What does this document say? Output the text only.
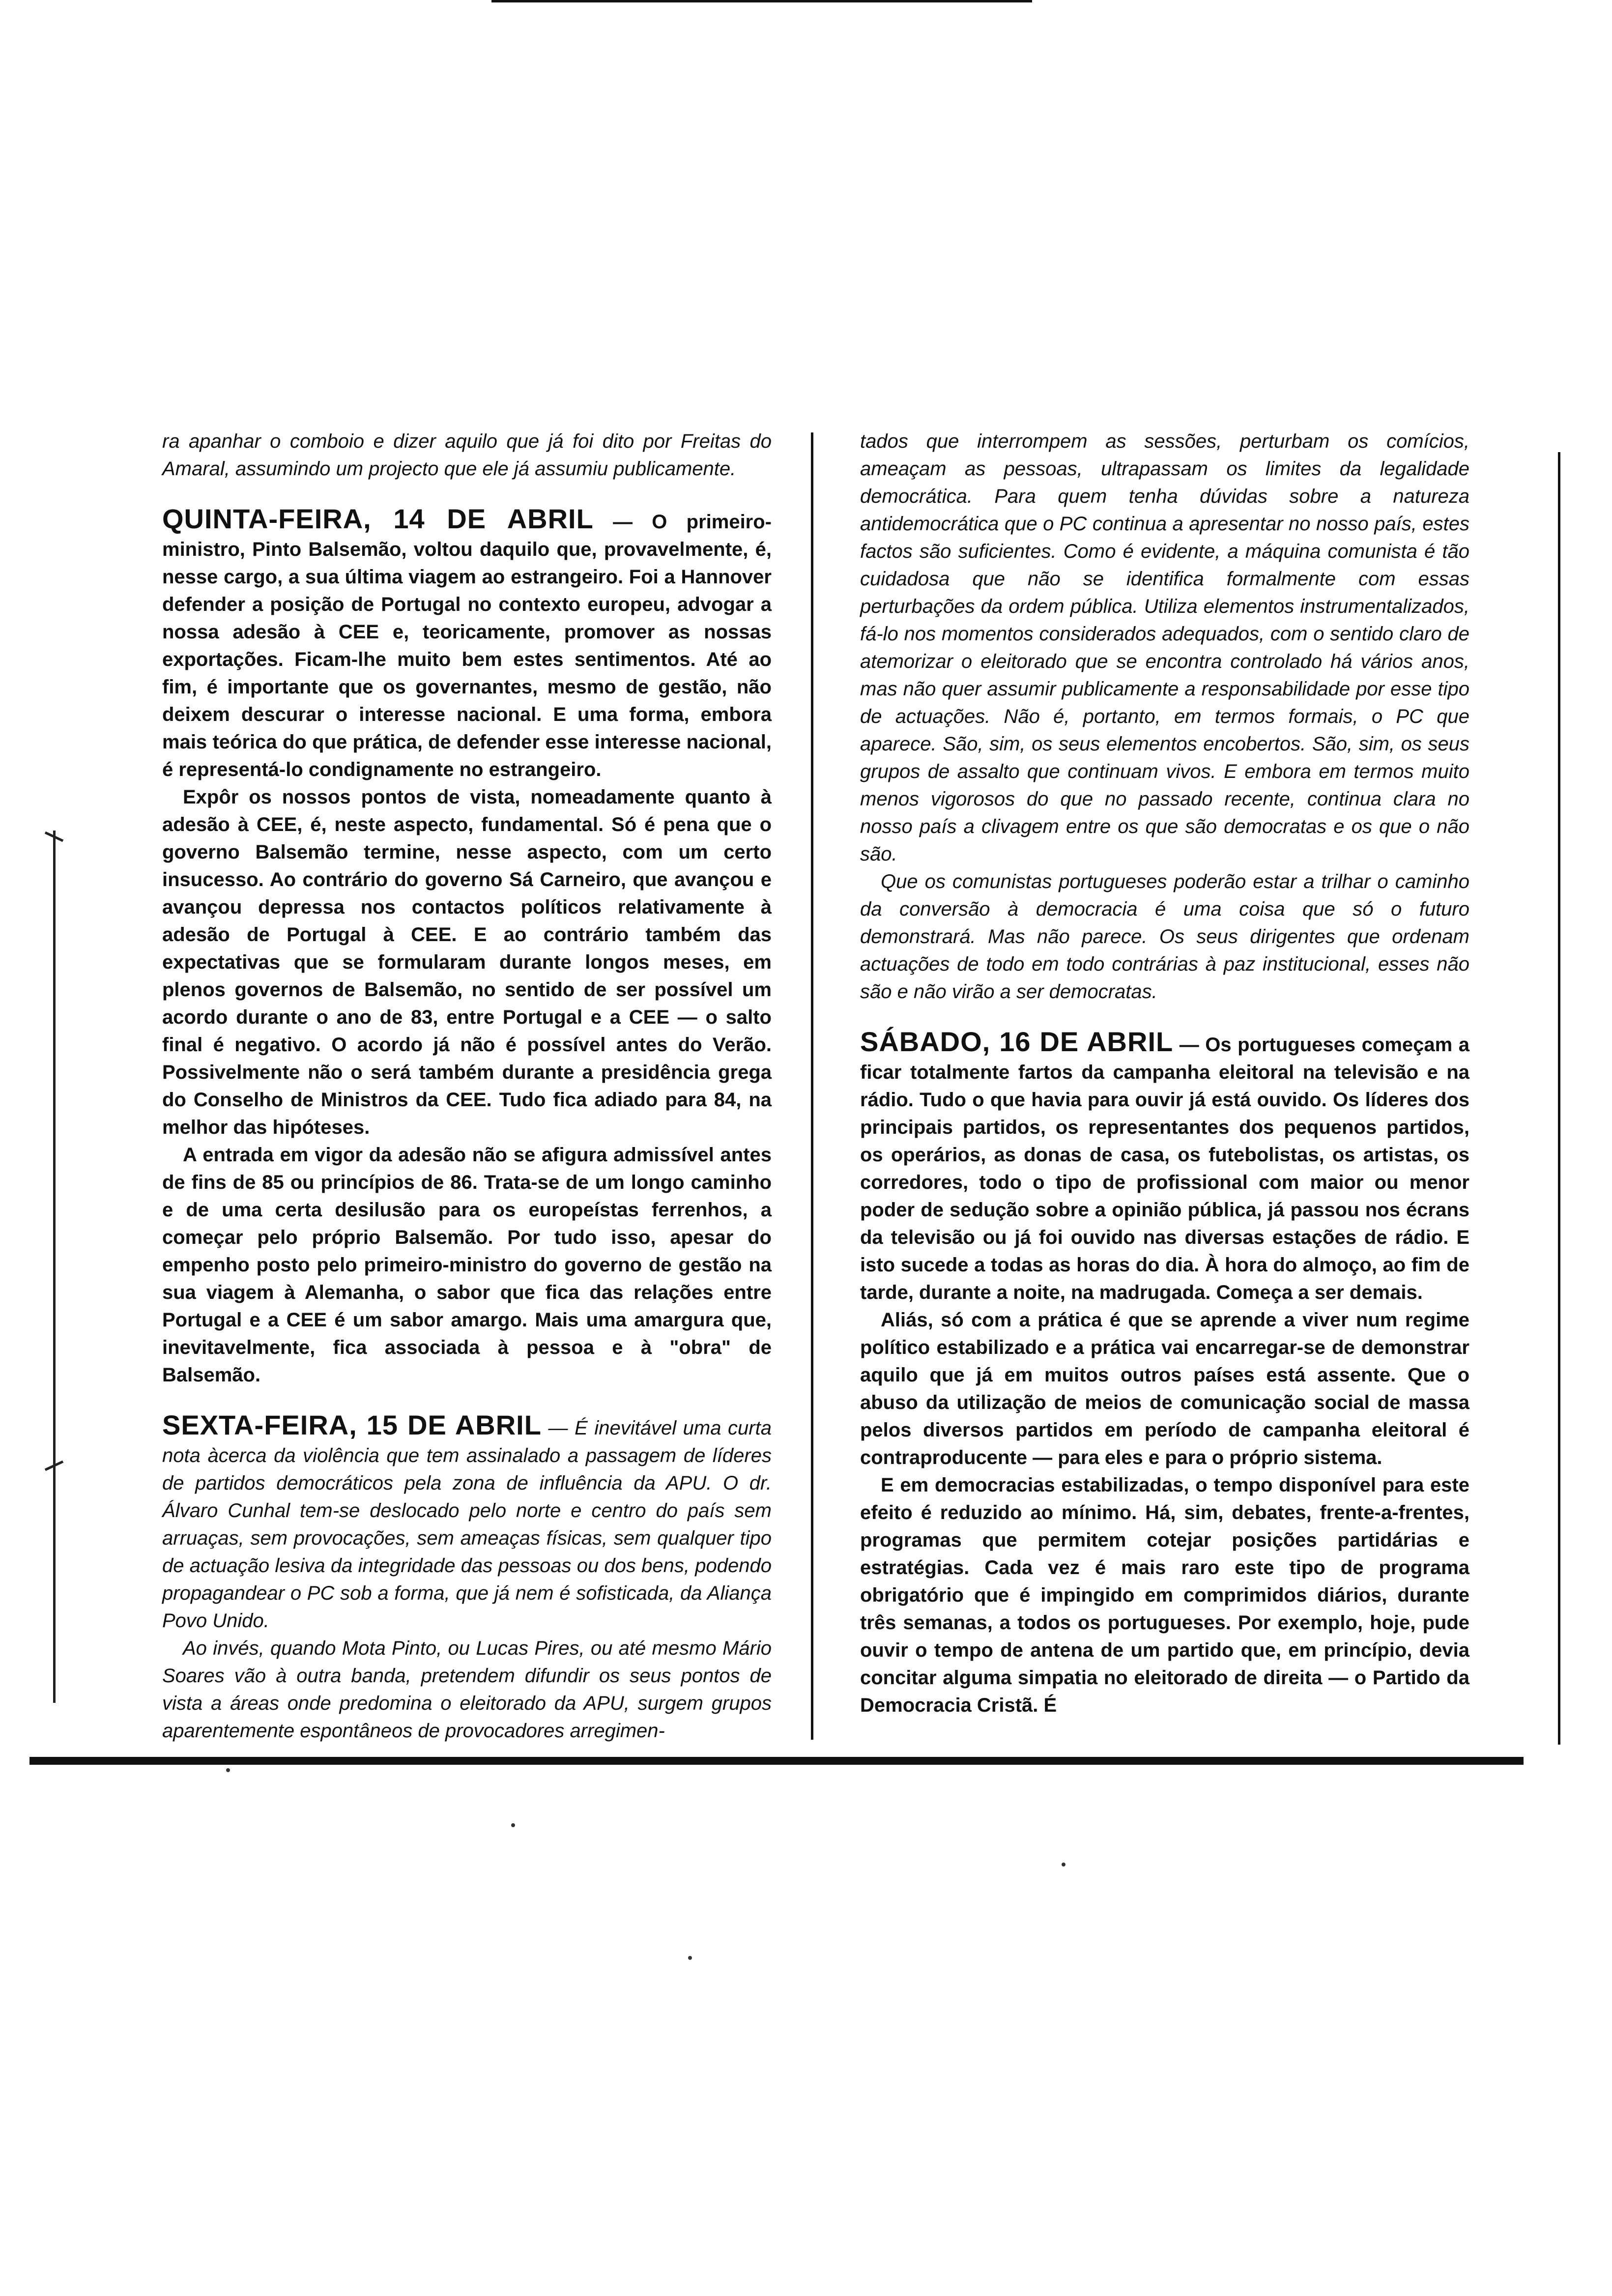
ra apanhar o comboio e dizer aquilo que já foi dito por Freitas do Amaral, assumindo um projecto que ele já assumiu publicamente.

QUINTA-FEIRA, 14 DE ABRIL — O primeiro-ministro, Pinto Balsemão, voltou daquilo que, provavelmente, é, nesse cargo, a sua última viagem ao estrangeiro. Foi a Hannover defender a posição de Portugal no contexto europeu, advogar a nossa adesão à CEE e, teoricamente, promover as nossas exportações. Ficam-lhe muito bem estes sentimentos. Até ao fim, é importante que os governantes, mesmo de gestão, não deixem descurar o interesse nacional. E uma forma, embora mais teórica do que prática, de defender esse interesse nacional, é representá-lo condignamente no estrangeiro.

Expôr os nossos pontos de vista, nomeadamente quanto à adesão à CEE, é, neste aspecto, fundamental. Só é pena que o governo Balsemão termine, nesse aspecto, com um certo insucesso. Ao contrário do governo Sá Carneiro, que avançou e avançou depressa nos contactos políticos relativamente à adesão de Portugal à CEE. E ao contrário também das expectativas que se formularam durante longos meses, em plenos governos de Balsemão, no sentido de ser possível um acordo durante o ano de 83, entre Portugal e a CEE — o salto final é negativo. O acordo já não é possível antes do Verão. Possivelmente não o será também durante a presidência grega do Conselho de Ministros da CEE. Tudo fica adiado para 84, na melhor das hipóteses.

A entrada em vigor da adesão não se afigura admissível antes de fins de 85 ou princípios de 86. Trata-se de um longo caminho e de uma certa desilusão para os europeístas ferrenhos, a começar pelo próprio Balsemão. Por tudo isso, apesar do empenho posto pelo primeiro-ministro do governo de gestão na sua viagem à Alemanha, o sabor que fica das relações entre Portugal e a CEE é um sabor amargo. Mais uma amargura que, inevitavelmente, fica associada à pessoa e à "obra" de Balsemão.

SEXTA-FEIRA, 15 DE ABRIL — É inevitável uma curta nota àcerca da violência que tem assinalado a passagem de líderes de partidos democráticos pela zona de influência da APU. O dr. Álvaro Cunhal tem-se deslocado pelo norte e centro do país sem arruaças, sem provocações, sem ameaças físicas, sem qualquer tipo de actuação lesiva da integridade das pessoas ou dos bens, podendo propagandear o PC sob a forma, que já nem é sofisticada, da Aliança Povo Unido.

Ao invés, quando Mota Pinto, ou Lucas Pires, ou até mesmo Mário Soares vão à outra banda, pretendem difundir os seus pontos de vista a áreas onde predomina o eleitorado da APU, surgem grupos aparentemente espontâneos de provocadores arregimen-

tados que interrompem as sessões, perturbam os comícios, ameaçam as pessoas, ultrapassam os limites da legalidade democrática. Para quem tenha dúvidas sobre a natureza antidemocrática que o PC continua a apresentar no nosso país, estes factos são suficientes. Como é evidente, a máquina comunista é tão cuidadosa que não se identifica formalmente com essas perturbações da ordem pública. Utiliza elementos instrumentalizados, fá-lo nos momentos considerados adequados, com o sentido claro de atemorizar o eleitorado que se encontra controlado há vários anos, mas não quer assumir publicamente a responsabilidade por esse tipo de actuações. Não é, portanto, em termos formais, o PC que aparece. São, sim, os seus elementos encobertos. São, sim, os seus grupos de assalto que continuam vivos. E embora em termos muito menos vigorosos do que no passado recente, continua clara no nosso país a clivagem entre os que são democratas e os que o não são.

Que os comunistas portugueses poderão estar a trilhar o caminho da conversão à democracia é uma coisa que só o futuro demonstrará. Mas não parece. Os seus dirigentes que ordenam actuações de todo em todo contrárias à paz institucional, esses não são e não virão a ser democratas.

SÁBADO, 16 DE ABRIL — Os portugueses começam a ficar totalmente fartos da campanha eleitoral na televisão e na rádio. Tudo o que havia para ouvir já está ouvido. Os líderes dos principais partidos, os representantes dos pequenos partidos, os operários, as donas de casa, os futebolistas, os artistas, os corredores, todo o tipo de profissional com maior ou menor poder de sedução sobre a opinião pública, já passou nos écrans da televisão ou já foi ouvido nas diversas estações de rádio. E isto sucede a todas as horas do dia. À hora do almoço, ao fim de tarde, durante a noite, na madrugada. Começa a ser demais.

Aliás, só com a prática é que se aprende a viver num regime político estabilizado e a prática vai encarregar-se de demonstrar aquilo que já em muitos outros países está assente. Que o abuso da utilização de meios de comunicação social de massa pelos diversos partidos em período de campanha eleitoral é contraproducente — para eles e para o próprio sistema.

E em democracias estabilizadas, o tempo disponível para este efeito é reduzido ao mínimo. Há, sim, debates, frente-a-frentes, programas que permitem cotejar posições partidárias e estratégias. Cada vez é mais raro este tipo de programa obrigatório que é impingido em comprimidos diários, durante três semanas, a todos os portugueses. Por exemplo, hoje, pude ouvir o tempo de antena de um partido que, em princípio, devia concitar alguma simpatia no eleitorado de direita — o Partido da Democracia Cristã. É
